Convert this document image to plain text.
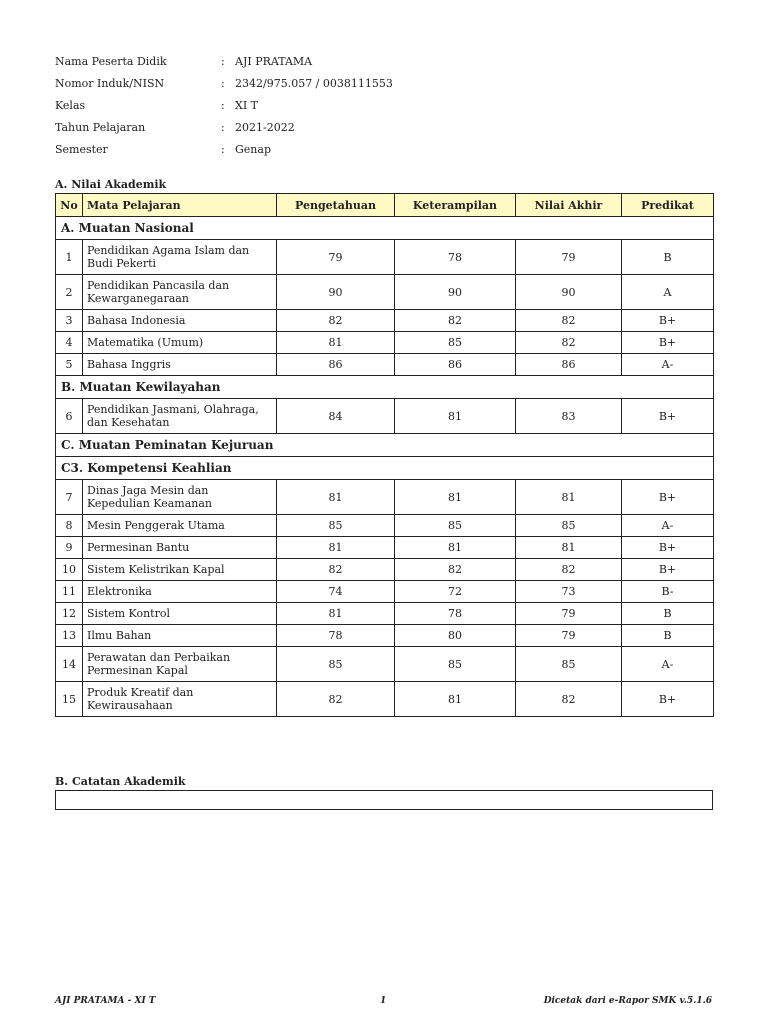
Nama Peserta Didik	: AJI PRATAMA
Nomor Induk/NISN	: 2342/975.057 / 0038111553
Kelas	: XI T
Tahun Pelajaran	: 2021-2022
Semester	: Genap
A. Nilai Akademik
No	Mata Pelajaran	Pengetahuan	Keterampilan	Nilai Akhir	Predikat
A. Muatan Nasional					
1	Pendidikan Agama Islam dan Budi Pekerti	79	78	79	B
2	Pendidikan Pancasila dan Kewarganegaraan	90	90	90	A
3	Bahasa Indonesia	82	82	82	B+
4	Matematika (Umum)	81	85	82	B+
5	Bahasa Inggris	86	86	86	A-
B. Muatan Kewilayahan					
6	Pendidikan Jasmani, Olahraga, dan Kesehatan	84	81	83	B+
C. Muatan Peminatan Kejuruan					
C3. Kompetensi Keahlian					
7	Dinas Jaga Mesin dan Kepedulian Keamanan	81	81	81	B+
8	Mesin Penggerak Utama	85	85	85	A-
9	Permesinan Bantu	81	81	81	B+
10	Sistem Kelistrikan Kapal	82	82	82	B+
11	Elektronika	74	72	73	B-
12	Sistem Kontrol	81	78	79	B
13	Ilmu Bahan	78	80	79	B
14	Perawatan dan Perbaikan Permesinan Kapal	85	85	85	A-
15	Produk Kreatif dan Kewirausahaan	82	81	82	B+
B. Catatan Akademik
AJI PRATAMA - XI T	1	Dicetak dari e-Rapor SMK v.5.1.6
